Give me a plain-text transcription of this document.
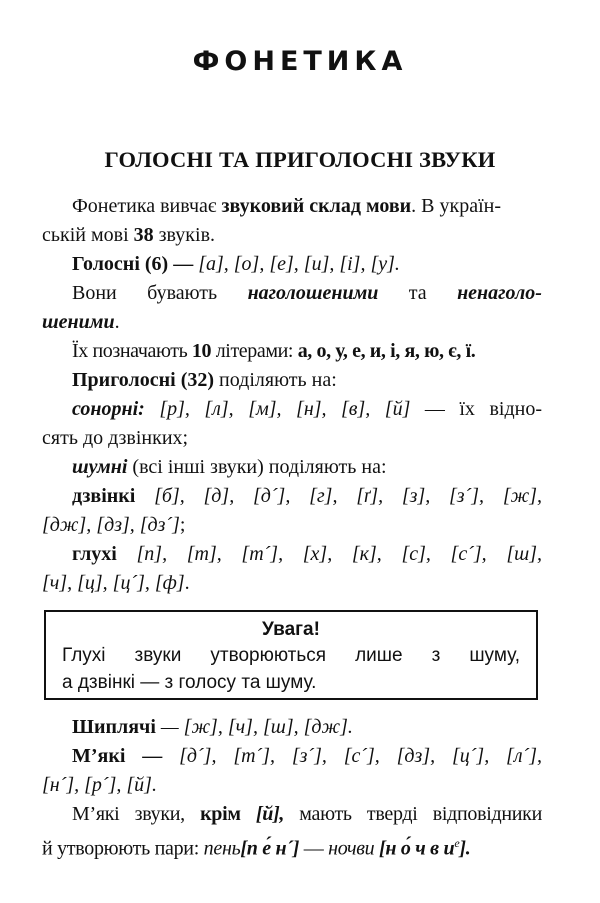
ФОНЕТИКА
ГОЛОСНІ ТА ПРИГОЛОСНІ ЗВУКИ

Фонетика вивчає звуковий склад мови. В україн-
ській мові 38 звуків.

Голосні (6) — [а], [о], [е], [и], [і], [у].

Вони бувають наголошеними та ненаголо-
шеними.

Їх позначають 10 літерами: а, о, у, е, и, і, я, ю, є, ї.

Приголосні (32) поділяють на:

сонорні: [р], [л], [м], [н], [в], [й] — їх відно-
сять до дзвінких;

шумні (всі інші звуки) поділяють на:

дзвінкі [б], [д], [д´], [г], [ґ], [з], [з´], [ж],
[дж], [дз], [дз´];

глухі [п], [т], [т´], [х], [к], [с], [с´], [ш],
[ч], [ц], [ц´], [ф].

Увага!
Глухі звуки утворюються лише з шуму,
а дзвінкі — з голосу та шуму.

Шиплячі — [ж], [ч], [ш], [дж].

М’які — [д´], [т´], [з´], [с´], [дз], [ц´], [л´],
[н´], [р´], [й].

М’які звуки, крім [й], мають тверді відповідники
й утворюють пари: пень[п е́ н´] — ночви [н о́ ч в $и^е$].
